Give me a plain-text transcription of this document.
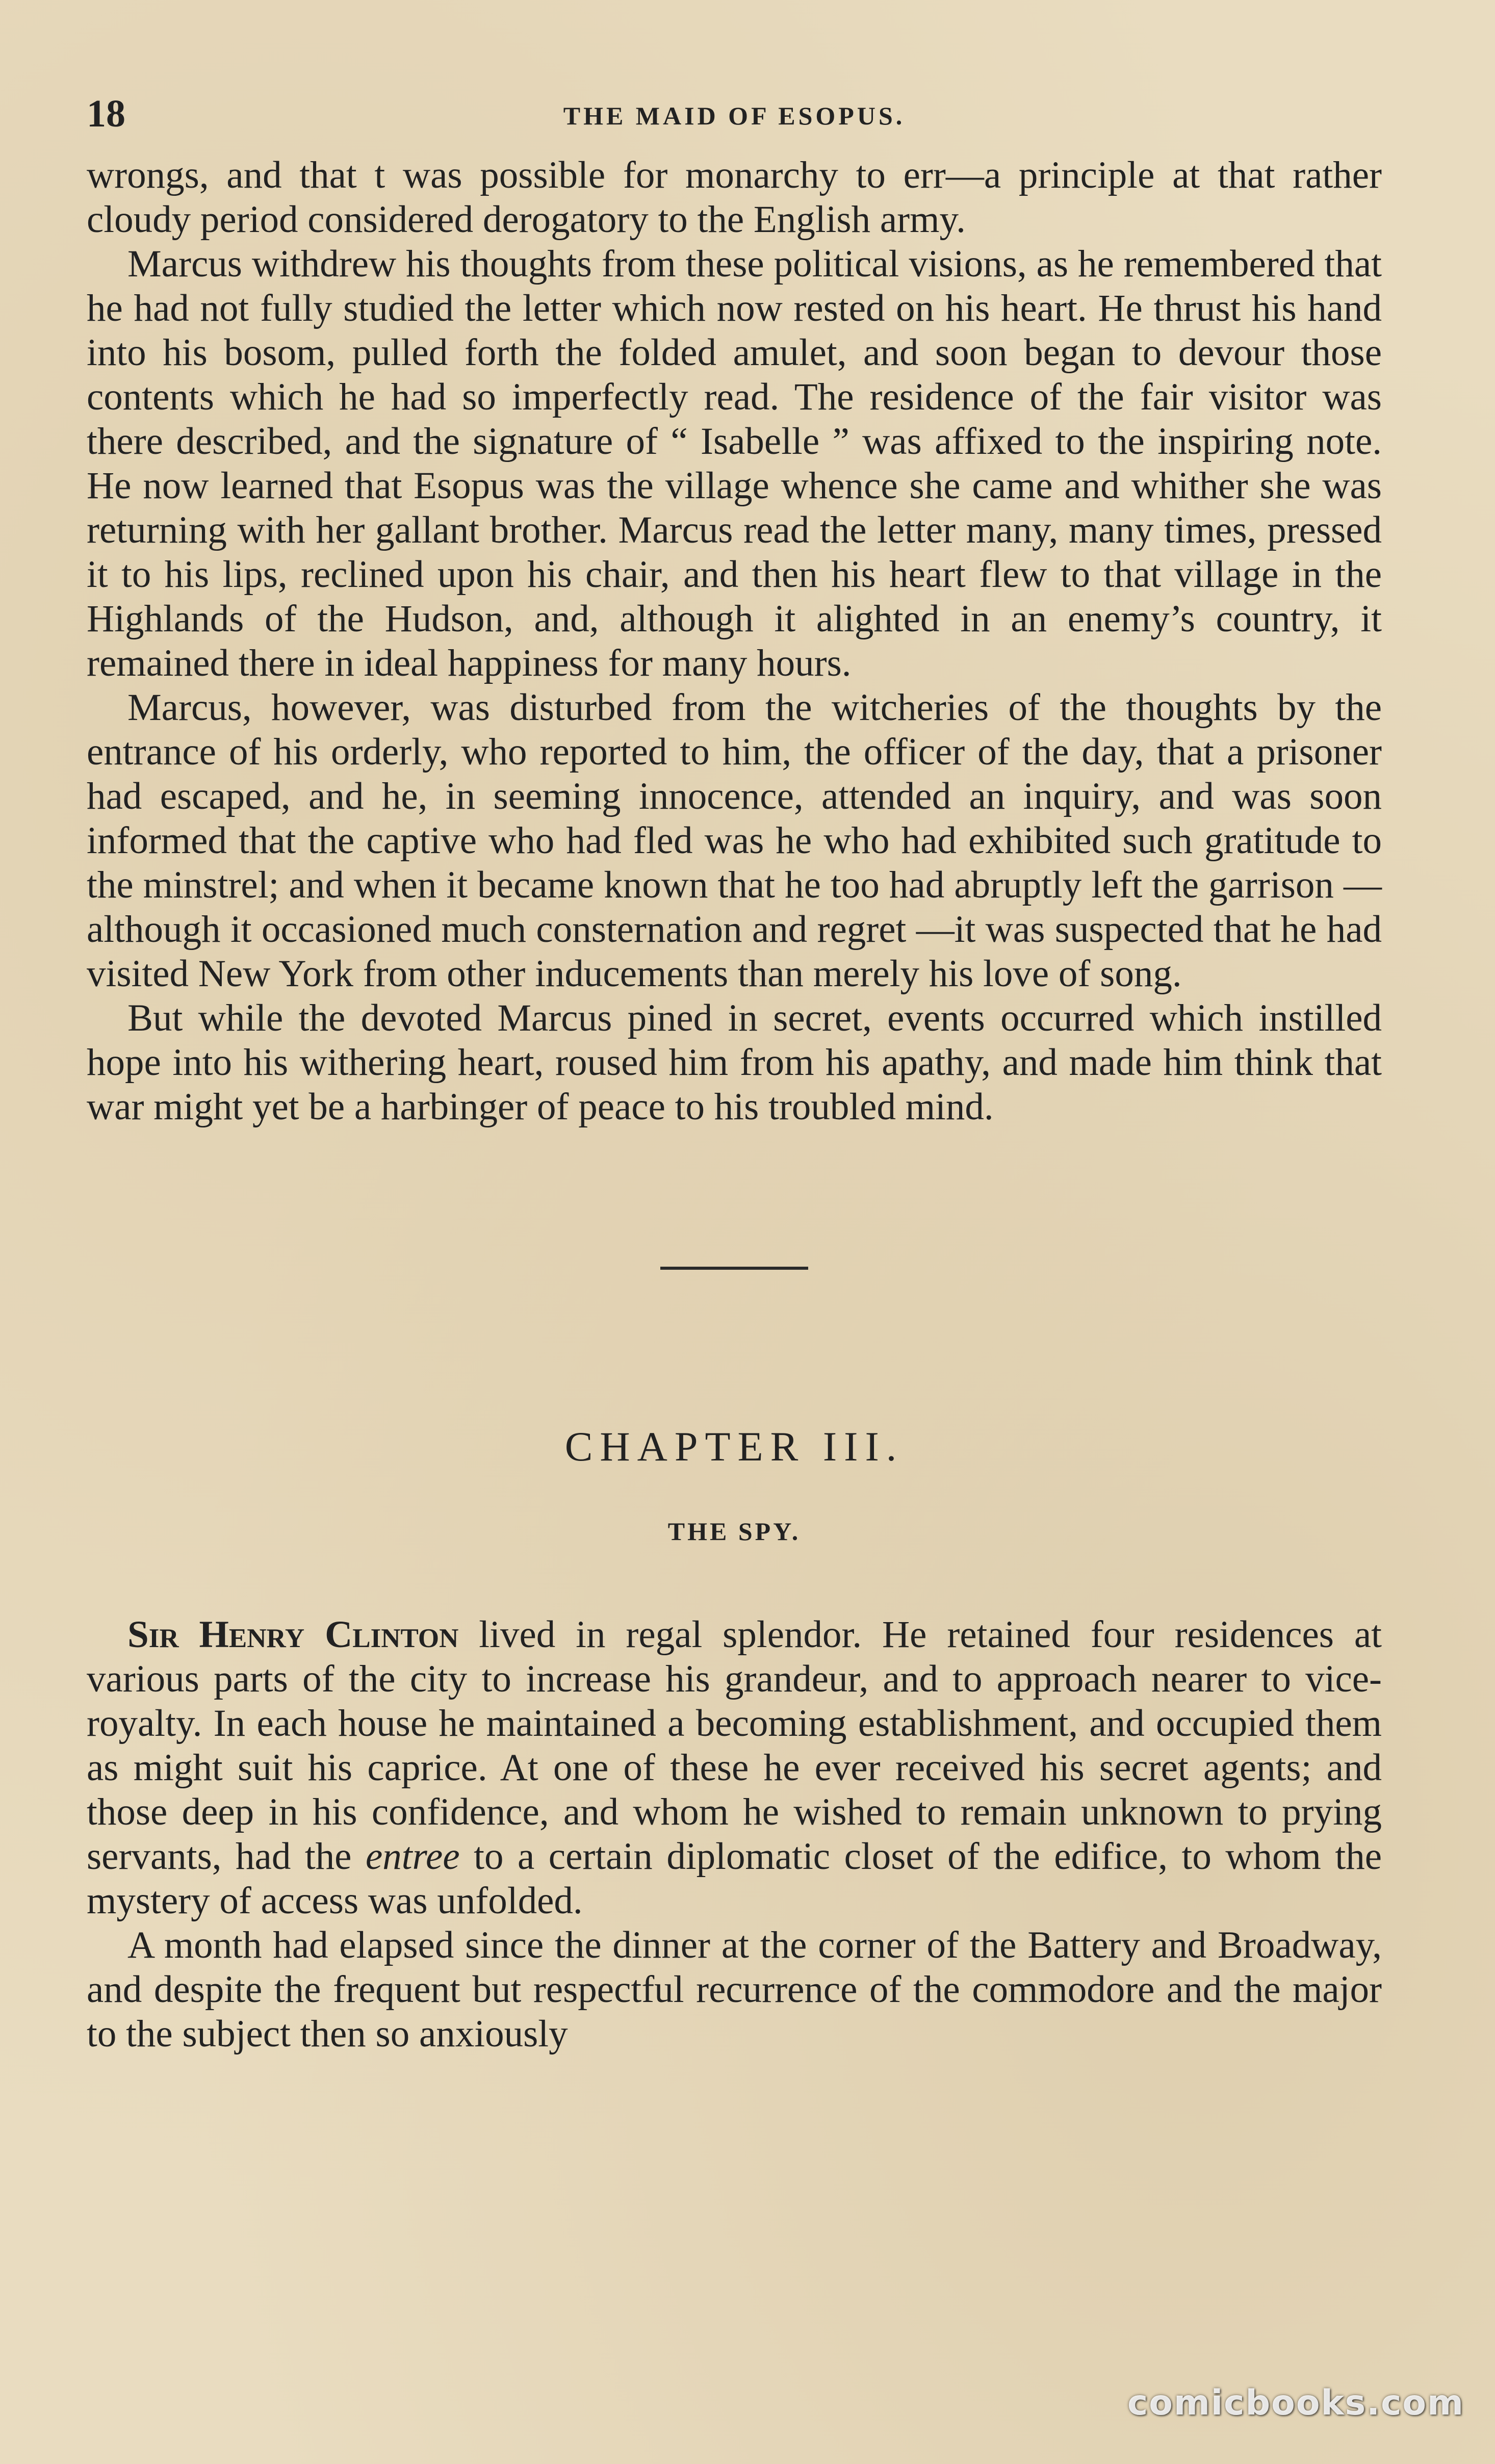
18	THE MAID OF ESOPUS.

wrongs, and that t was possible for monarchy to err—a principle at that rather cloudy period considered derogatory to the English army.

Marcus withdrew his thoughts from these political visions, as he remembered that he had not fully studied the letter which now rested on his heart. He thrust his hand into his bosom, pulled forth the folded amulet, and soon began to devour those contents which he had so imperfectly read. The residence of the fair visitor was there described, and the signature of “ Isabelle ” was affixed to the inspiring note. He now learned that Esopus was the village whence she came and whither she was returning with her gallant brother. Marcus read the letter many, many times, pressed it to his lips, reclined upon his chair, and then his heart flew to that village in the Highlands of the Hudson, and, although it alighted in an enemy’s country, it remained there in ideal happiness for many hours.

Marcus, however, was disturbed from the witcheries of the thoughts by the entrance of his orderly, who reported to him, the officer of the day, that a prisoner had escaped, and he, in seeming innocence, attended an inquiry, and was soon informed that the captive who had fled was he who had exhibited such gratitude to the minstrel; and when it became known that he too had abruptly left the garrison — although it occasioned much consternation and regret —it was suspected that he had visited New York from other inducements than merely his love of song.

But while the devoted Marcus pined in secret, events occurred which instilled hope into his withering heart, roused him from his apathy, and made him think that war might yet be a harbinger of peace to his troubled mind.

CHAPTER III.
THE SPY.

Sir Henry Clinton lived in regal splendor. He retained four residences at various parts of the city to increase his grandeur, and to approach nearer to vice-royalty. In each house he maintained a becoming establishment, and occupied them as might suit his caprice. At one of these he ever received his secret agents; and those deep in his confidence, and whom he wished to remain unknown to prying servants, had the entree to a certain diplomatic closet of the edifice, to whom the mystery of access was unfolded.

A month had elapsed since the dinner at the corner of the Battery and Broadway, and despite the frequent but respectful recurrence of the commodore and the major to the subject then so anxiously

comicbooks.com
